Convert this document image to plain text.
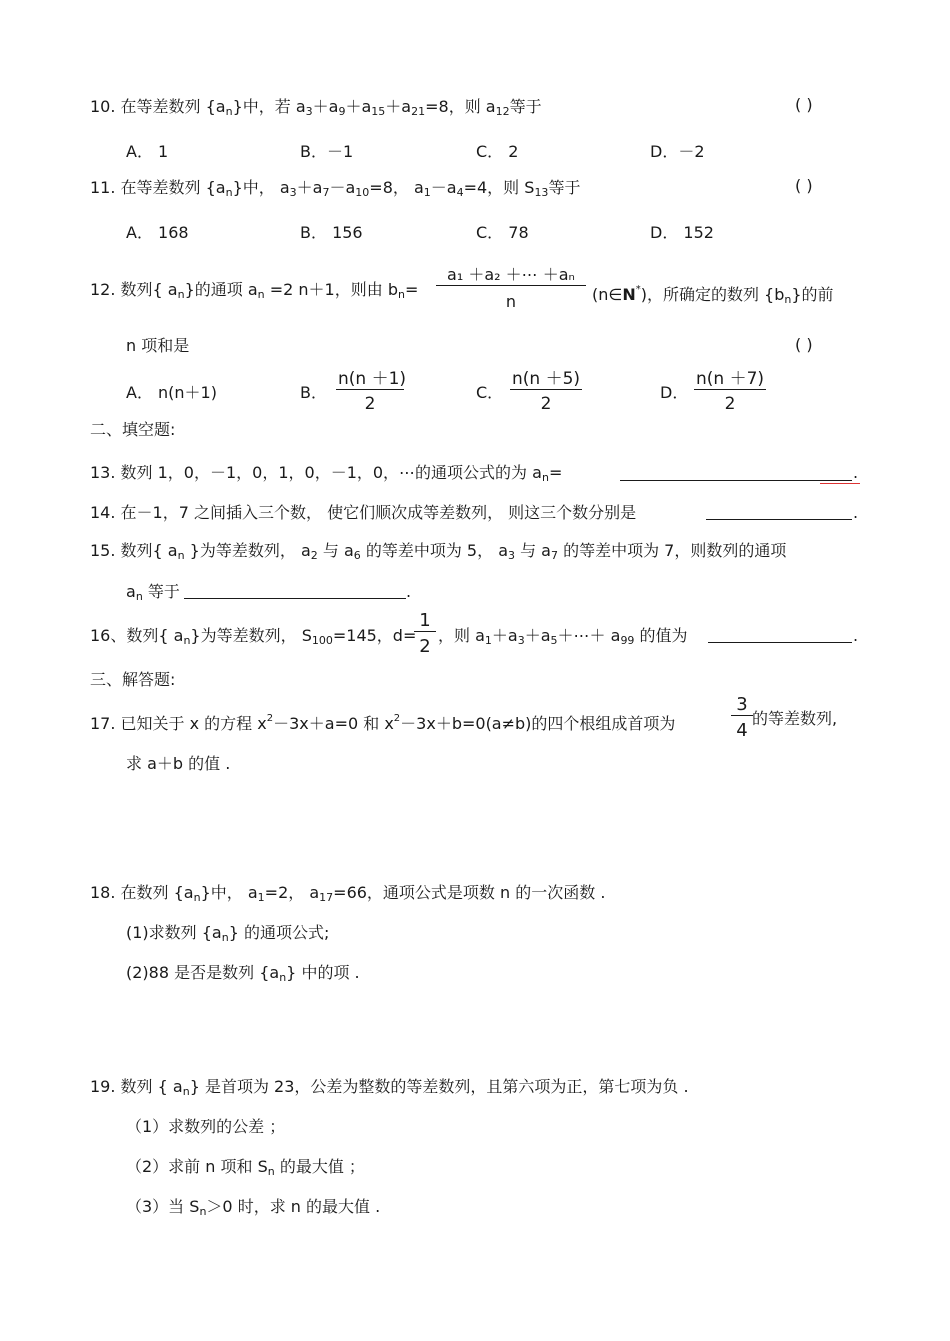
10. 在等差数列 $\{a_n\}$中，若 $a_3+a_9+a_{15}+a_{21}=8$，则 $a_{12}$等于	( )
A． 1	B．－1	C． 2	D．－2
11. 在等差数列 $\{a_n\}$中， $a_3+a_7-a_{10}=8$， $a_1-a_4=4$，则 $S_{13}$等于	( )
A． 168	B． 156	C． 78	D． 152
12. 数列{ $a_n$}的通项 $a_n =2$ n＋1，则由 $b_n=$
a₁ ＋a₂ ＋⋯ ＋aₙ
n	(n∈N*)，所确定的数列 $\{b_n\}$的前
n 项和是	( )
A． n(n＋1)	B．
n(n ＋1)
2
C．
n(n ＋5)
2
D．
n(n ＋7)
2
二、填空题:
13. 数列 1，0，－1，0，1，0，－1，0，⋯的通项公式的为 $a_n=$	.
14. 在－1，7 之间插入三个数， 使它们顺次成等差数列， 则这三个数分别是	.
15. 数列{ $a_n$ }为等差数列， $a_2$ 与 $a_6$ 的等差中项为 5， $a_3$ 与 $a_7$ 的等差中项为 7，则数列的通项
$a_n$ 等于	.
16、数列{ $a_n$}为等差数列， $S_{100}=145$，d=
1
2
，则 $a_1+a_3+a_5+\cdots+ a_{99}$ 的值为	.
三、解答题:
17. 已知关于 x 的方程 $x^2-3x+a=0$ 和 $x^2-3x+b=0(a\ne b)$的四个根组成首项为
3
4
的等差数列,
求 a＋b 的值 .
18. 在数列 $\{a_n\}$中， $a_1=2$， $a_{17}=66$，通项公式是项数 n 的一次函数 .
(1)求数列 $\{a_n\}$ 的通项公式;
(2)88 是否是数列 $\{a_n\}$ 中的项 .
19. 数列 { $a_n$} 是首项为 23，公差为整数的等差数列，且第六项为正，第七项为负 .
（1）求数列的公差 ；
（2）求前 n 项和 $S_n$ 的最大值 ；
（3）当 $S_n>0$ 时，求 n 的最大值 .
